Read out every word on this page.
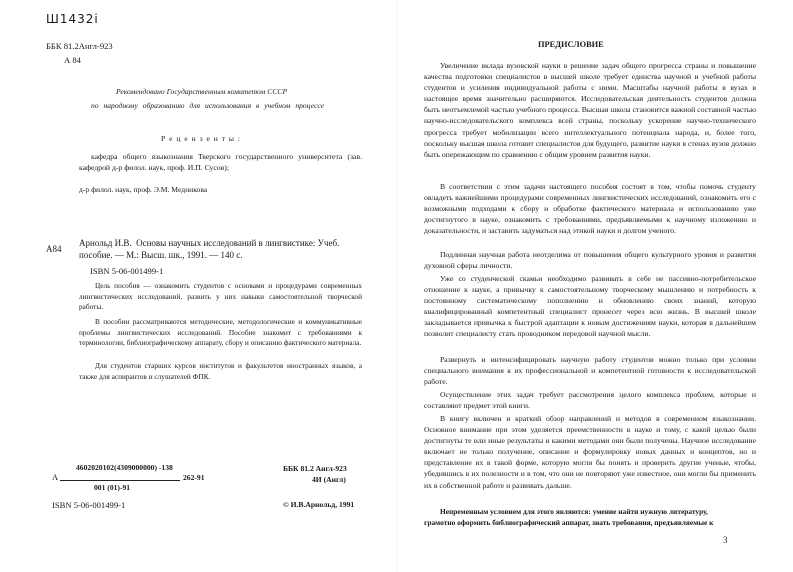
Ш1432і
ББК 81.2Англ-923
А 84
Рекомендовано Государственным комитетом СССР
по народному образованию для использования в учебном процессе
Р е ц е н з е н т ы :
кафедра общего языкознания Тверского государственного университета (зав. кафедрой д-р филол. наук, проф. И.П. Сусов);
д-р филол. наук, проф. Э.М. Медникова
А84
Арнольд И.В. Основы научных исследований в лингвистике: Учеб. пособие. — М.: Высш. шк., 1991. — 140 с.
ISBN 5-06-001499-1
Цель пособия — ознакомить студентов с основами и процедурами современных лингвистических исследований, развить у них навыки самостоятельной творческой работы.
В пособии рассматриваются методические, методологические и коммуникативные проблемы лингвистических исследований. Пособие знакомит с требованиями к терминологии, библиографическому аппарату, сбору и описанию фактического материала.
Для студентов старших курсов институтов и факультетов иностранных языков, а также для аспирантов и слушателей ФПК.
4602020102(4309000000) -138
А	262-91
001 (01)-91
ББК 81.2 Англ-923
4И (Англ)
ISBN 5-06-001499-1	© И.В.Арнольд, 1991
ПРЕДИСЛОВИЕ
Увеличение вклада вузовской науки в решение задач общего прогресса страны и повышение качества подготовки специалистов в высшей школе требует единства научной и учебной работы студентов и усиления индивидуальной работы с ними. Масштабы научной работы в вузах в настоящее время значительно расширяются. Исследовательская деятельность студентов должна быть неотъемлемой частью учебного процесса. Высшая школа становится важной составной частью научно-исследовательского комплекса всей страны, поскольку ускорение научно-технического прогресса требует мобилизации всего интеллектуального потенциала народа, и, более того, поскольку высшая школа готовит специалистов для будущего, развитие науки в стенах вузов должно быть опережающим по сравнению с общим уровнем развития науки.
В соответствии с этим задачи настоящего пособия состоят в том, чтобы помочь студенту овладеть важнейшими процедурами современных лингвистических исследований, ознакомить его с возможными подходами к сбору и обработке фактического материала и использованию уже достигнутого в науке, ознакомить с требованиями, предъявляемыми к научному изложению и доказательности, и заставить задуматься над этикой науки и долгом ученого.
Подлинная научная работа неотделима от повышения общего культурного уровня и развития духовной сферы личности.
Уже со студенческой скамьи необходимо развивать в себе не пассивно-потребительское отношение к науке, а привычку к самостоятельному творческому мышлению и потребность к постоянному систематическому пополнению и обновлению своих знаний, которую квалифицированный компетентный специалист пронесет через всю жизнь. В высшей школе закладывается привычка к быстрой адаптации к новым достижениям науки, которая в дальнейшем позволит специалисту стать проводником передовой научной мысли.
Развернуть и интенсифицировать научную работу студентов можно только при условии специального внимания к их профессиональной и компетентной готовности к исследовательской работе.
Осуществление этих задач требует рассмотрения целого комплекса проблем, которые и составляют предмет этой книги.
В книгу включен и краткий обзор направлений и методов в современном языкознании. Основное внимание при этом уделяется преемственности в науке и тому, с какой целью были достигнуты те или иные результаты и какими методами они были получены. Научное исследование включает не только получение, описание и формулировку новых данных и концептов, но и представление их в такой форме, которую могли бы понять и проверить другие ученые, чтобы, убедившись в их полезности и в том, что они не повторяют уже известное, они могли бы применить их в собственной работе и развивать дальше.
Непременным условием для этого являются: умение найти нужную литературу,
грамотно оформить библиографический аппарат, знать требования, предъявляемые к
3
